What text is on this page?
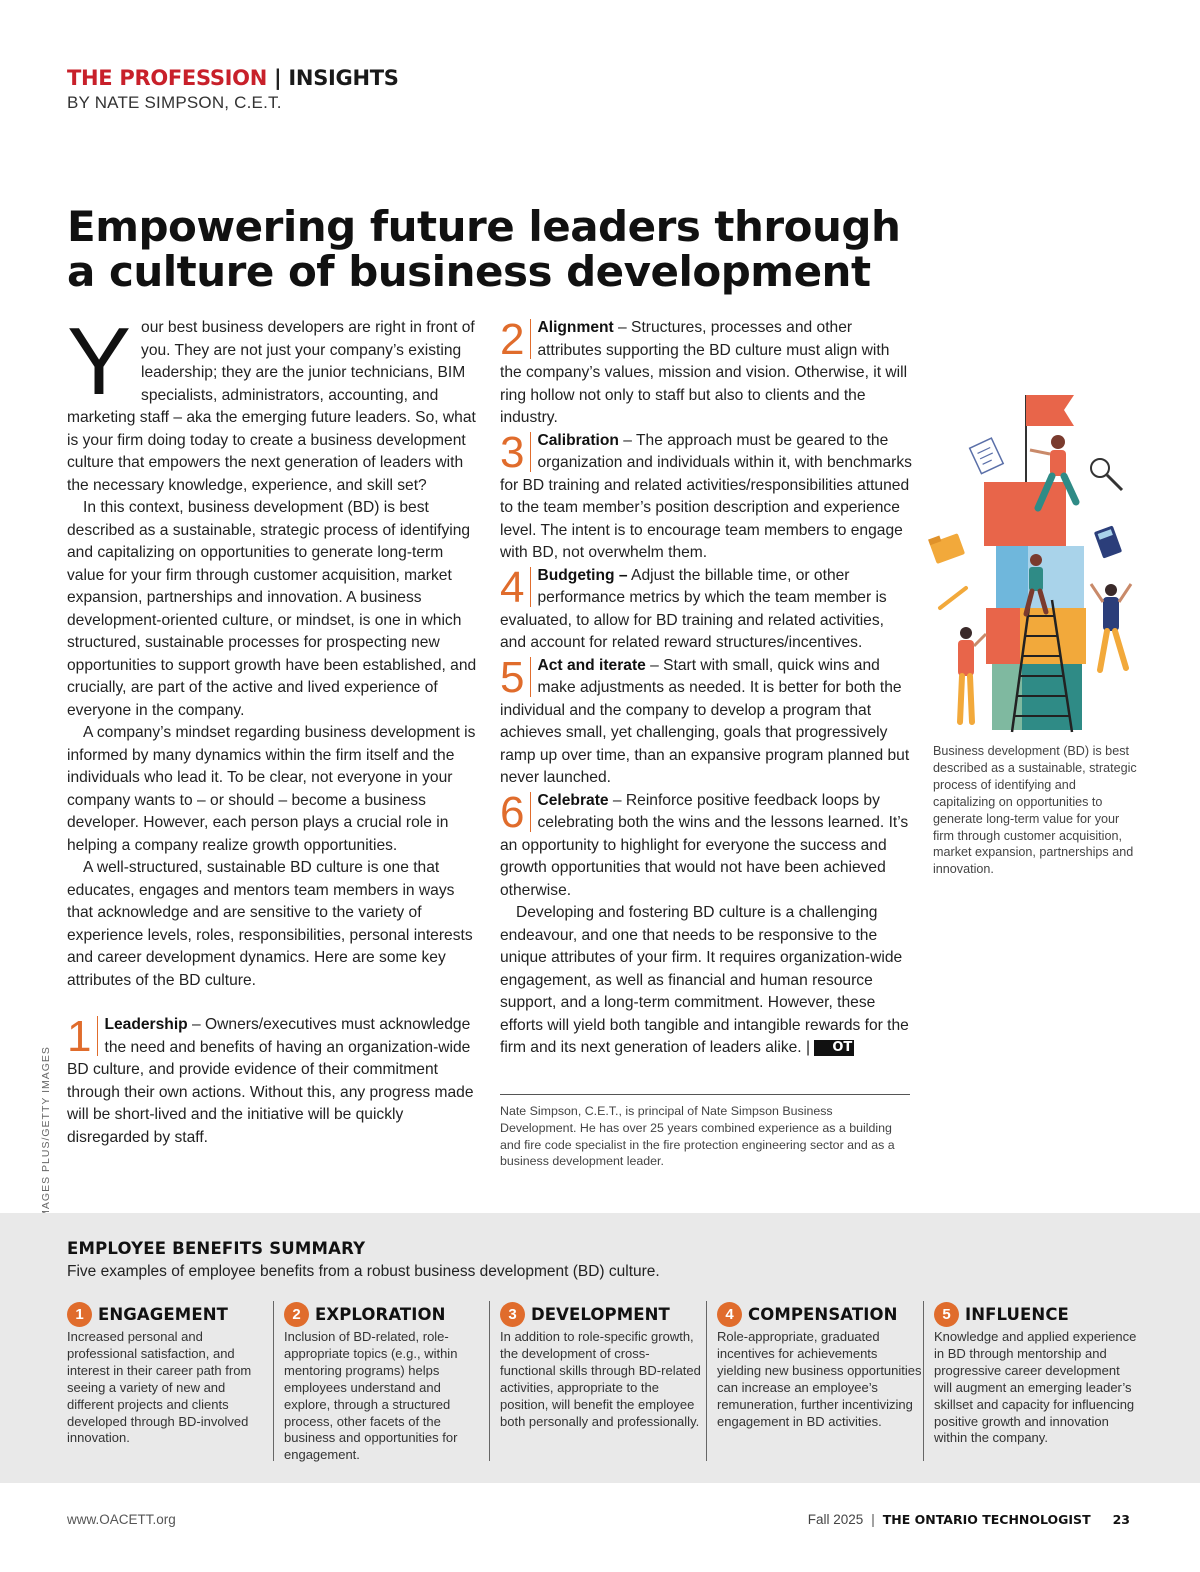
THE PROFESSION | INSIGHTS
BY NATE SIMPSON, C.E.T.
Empowering future leaders through a culture of business development

Your best business developers are right in front of you. They are not just your company’s existing leadership; they are the junior technicians, BIM specialists, administrators, accounting, and marketing staff – aka the emerging future leaders. So, what is your firm doing today to create a business development culture that empowers the next generation of leaders with the necessary knowledge, experience, and skill set?

In this context, business development (BD) is best described as a sustainable, strategic process of identifying and capitalizing on opportunities to generate long-term value for your firm through customer acquisition, market expansion, partnerships and innovation. A business development-oriented culture, or mindset, is one in which structured, sustainable processes for prospecting new opportunities to support growth have been established, and crucially, are part of the active and lived experience of everyone in the company.

A company’s mindset regarding business development is informed by many dynamics within the firm itself and the individuals who lead it. To be clear, not everyone in your company wants to – or should – become a business developer. However, each person plays a crucial role in helping a company realize growth opportunities.

A well-structured, sustainable BD culture is one that educates, engages and mentors team members in ways that acknowledge and are sensitive to the variety of experience levels, roles, responsibilities, personal interests and career development dynamics. Here are some key attributes of the BD culture.

1 Leadership – Owners/executives must acknowledge the need and benefits of having an organization-wide BD culture, and provide evidence of their commitment through their own actions. Without this, any progress made will be short-lived and the initiative will be quickly disregarded by staff.

2 Alignment – Structures, processes and other attributes supporting the BD culture must align with the company’s values, mission and vision. Otherwise, it will ring hollow not only to staff but also to clients and the industry.

3 Calibration – The approach must be geared to the organization and individuals within it, with benchmarks for BD training and related activities/responsibilities attuned to the team member’s position description and experience level. The intent is to encourage team members to engage with BD, not overwhelm them.

4 Budgeting – Adjust the billable time, or other performance metrics by which the team member is evaluated, to allow for BD training and related activities, and account for related reward structures/incentives.

5 Act and iterate – Start with small, quick wins and make adjustments as needed. It is better for both the individual and the company to develop a program that achieves small, yet challenging, goals that progressively ramp up over time, than an expansive program planned but never launched.

6 Celebrate – Reinforce positive feedback loops by celebrating both the wins and the lessons learned. It’s an opportunity to highlight for everyone the success and growth opportunities that would not have been achieved otherwise.

Developing and fostering BD culture is a challenging endeavour, and one that needs to be responsive to the unique attributes of your firm. It requires organization-wide engagement, as well as financial and human resource support, and a long-term commitment. However, these efforts will yield both tangible and intangible rewards for the firm and its next generation of leaders alike. | OT

Nate Simpson, C.E.T., is principal of Nate Simpson Business Development. He has over 25 years combined experience as a building and fire code specialist in the fire protection engineering sector and as a business development leader.
Business development (BD) is best described as a sustainable, strategic process of identifying and capitalizing on opportunities to generate long-term value for your firm through customer acquisition, market expansion, partnerships and innovation.
EMPLOYEE BENEFITS SUMMARY
Five examples of employee benefits from a robust business development (BD) culture.
1 ENGAGEMENT
Increased personal and professional satisfaction, and interest in their career path from seeing a variety of new and different projects and clients developed through BD-involved innovation.
2 EXPLORATION
Inclusion of BD-related, role-appropriate topics (e.g., within mentoring programs) helps employees understand and explore, through a structured process, other facets of the business and opportunities for engagement.
3 DEVELOPMENT
In addition to role-specific growth, the development of cross-functional skills through BD-related activities, appropriate to the position, will benefit the employee both personally and professionally.
4 COMPENSATION
Role-appropriate, graduated incentives for achievements yielding new business opportunities can increase an employee’s remuneration, further incentivizing engagement in BD activities.
5 INFLUENCE
Knowledge and applied experience in BD through mentorship and progressive career development will augment an emerging leader’s skillset and capacity for influencing positive growth and innovation within the company.
www.OACETT.org	Fall 2025 | THE ONTARIO TECHNOLOGIST 23
